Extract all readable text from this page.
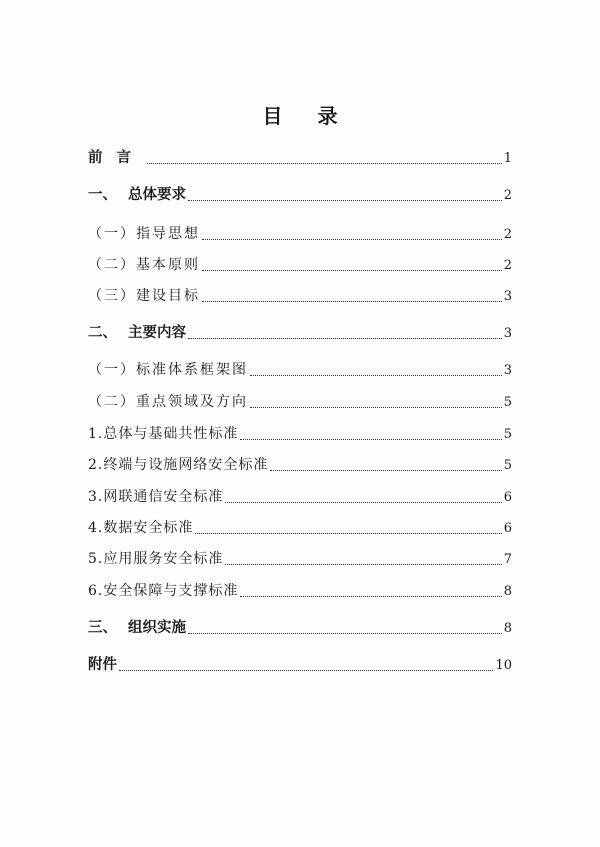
目 录
前言	1
一、 总体要求	2
（一）指导思想	2
（二）基本原则	2
（三）建设目标	3
二、 主要内容	3
（一）标准体系框架图	3
（二）重点领域及方向	5
1.总体与基础共性标准	5
2.终端与设施网络安全标准	5
3.网联通信安全标准	6
4.数据安全标准	6
5.应用服务安全标准	7
6.安全保障与支撑标准	8
三、 组织实施	8
附件	10
